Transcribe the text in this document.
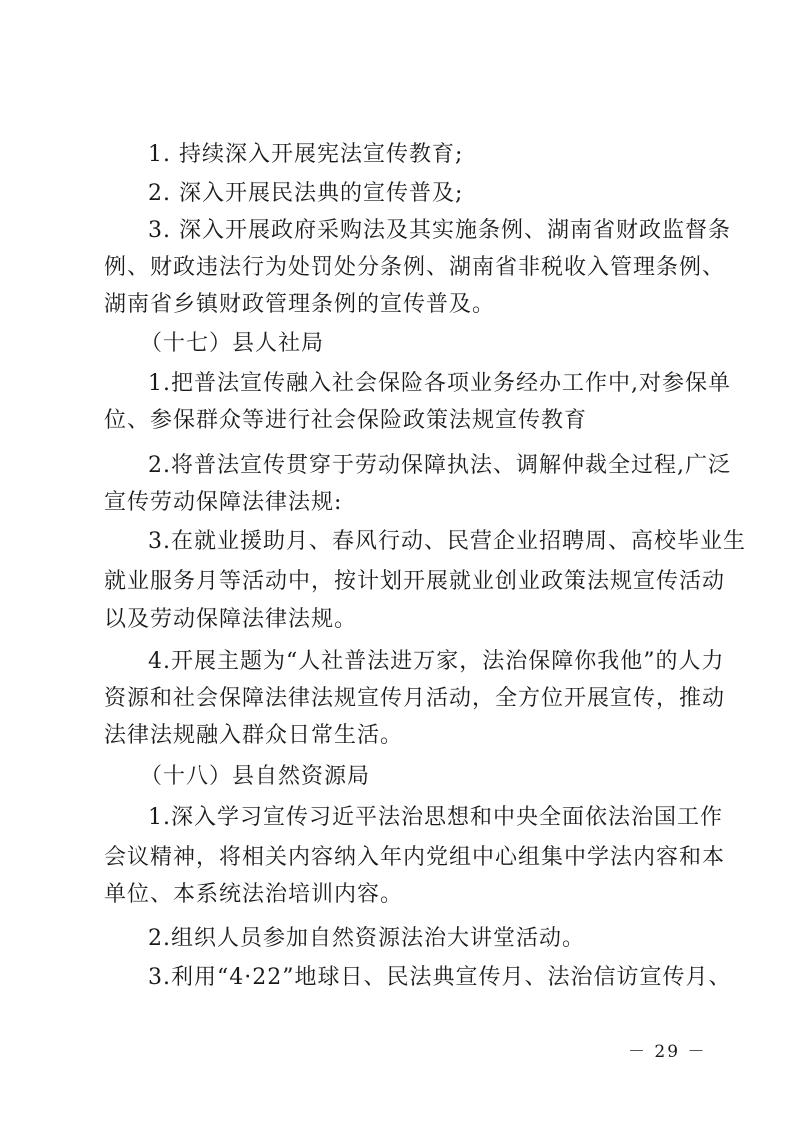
1. 持续深入开展宪法宣传教育;
2. 深入开展民法典的宣传普及;
3. 深入开展政府采购法及其实施条例、湖南省财政监督条
例、财政违法行为处罚处分条例、湖南省非税收入管理条例、
湖南省乡镇财政管理条例的宣传普及。
（十七）县人社局
1.把普法宣传融入社会保险各项业务经办工作中,对参保单
位、参保群众等进行社会保险政策法规宣传教育
2.将普法宣传贯穿于劳动保障执法、调解仲裁全过程,广泛
宣传劳动保障法律法规:
3.在就业援助月、春风行动、民营企业招聘周、高校毕业生
就业服务月等活动中，按计划开展就业创业政策法规宣传活动
以及劳动保障法律法规。
4.开展主题为“人社普法进万家，法治保障你我他”的人力
资源和社会保障法律法规宣传月活动，全方位开展宣传，推动
法律法规融入群众日常生活。
（十八）县自然资源局
1.深入学习宣传习近平法治思想和中央全面依法治国工作
会议精神，将相关内容纳入年内党组中心组集中学法内容和本
单位、本系统法治培训内容。
2.组织人员参加自然资源法治大讲堂活动。
3.利用“4·22”地球日、民法典宣传月、法治信访宣传月、
－ 29 －
